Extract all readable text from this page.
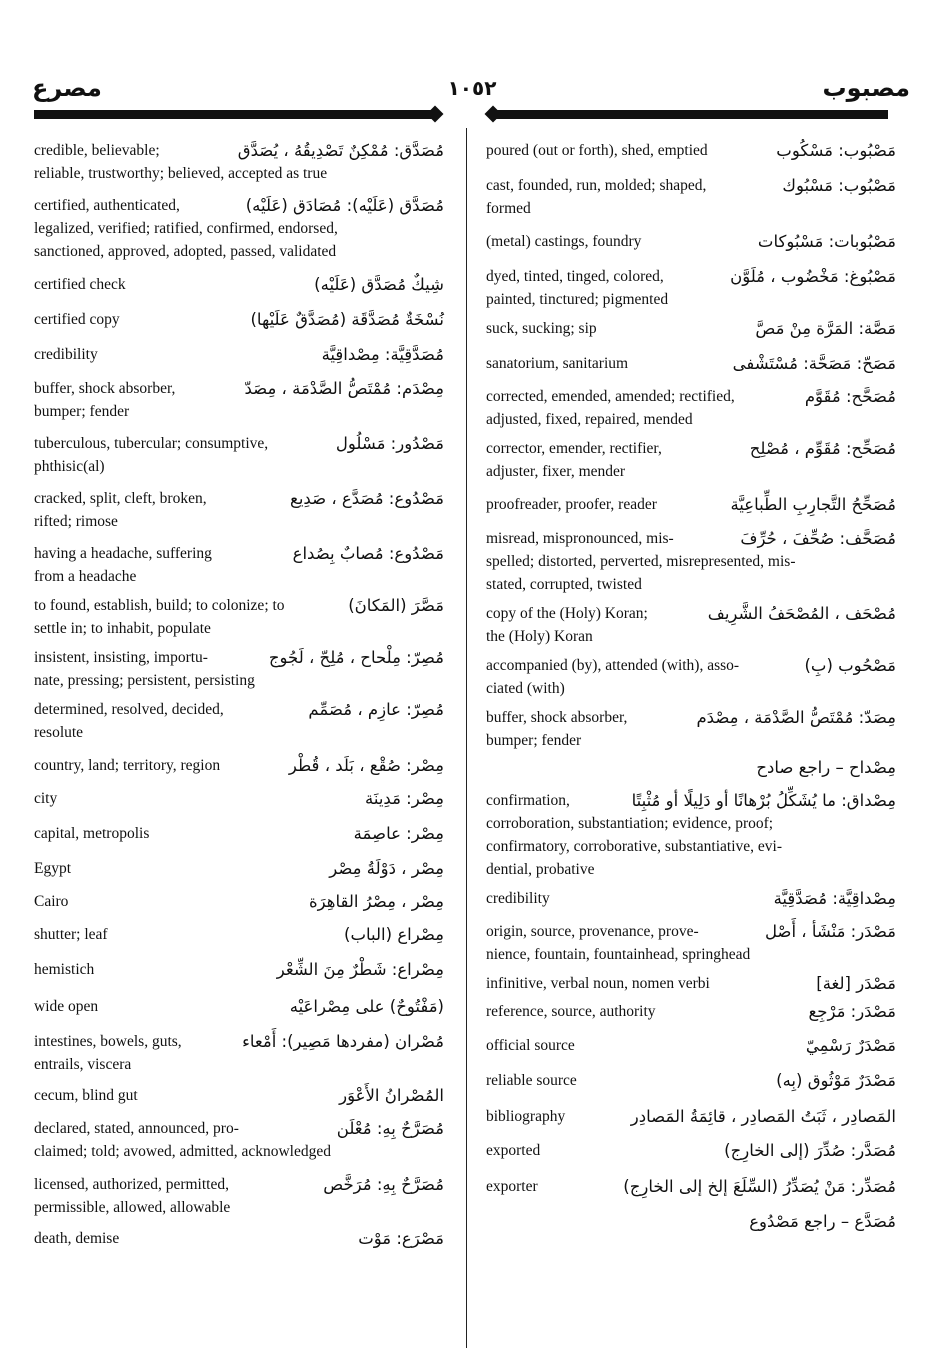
مصرع	١٠٥٢	مصبوب
credible, believable;	مُصَدَّق: مُمْكِنٌ تَصْدِيقُهُ ، يُصَدَّق
reliable, trustworthy; believed, accepted as true
certified, authenticated,	مُصَدَّق (عَلَيْه): مُصَادَق (عَلَيْه)
legalized, verified; ratified, confirmed, endorsed,
sanctioned, approved, adopted, passed, validated
certified check	شِيكٌ مُصَدَّق (عَلَيْه)
certified copy	نُسْخَةٌ مُصَدَّقَة (مُصَدَّقٌ عَلَيْها)
credibility	مُصَدَّقِيَّة: مِصْداقِيَّة
buffer, shock absorber,	مِصْدَم: مُمْتَصُّ الصَّدْمَة ، مِصَدّ
bumper; fender
tuberculous, tubercular; consumptive,	مَصْدُور: مَسْلُول
phthisic(al)
cracked, split, cleft, broken,	مَصْدُوع: مُصَدَّع ، صَدِيع
rifted; rimose
having a headache, suffering	مَصْدُوع: مُصابٌ بِصُداع
from a headache
to found, establish, build; to colonize; to	مَصَّرَ (المَكانَ)
settle in; to inhabit, populate
insistent, insisting, importu-	مُصِرّ: مِلْحاح ، مُلِحّ ، لَجُوج
nate, pressing; persistent, persisting
determined, resolved, decided,	مُصِرّ: عازِم ، مُصَمِّم
resolute
country, land; territory, region	مِصْر: صُقْع ، بَلَد ، قُطْر
city	مِصْر: مَدِينَة
capital, metropolis	مِصْر: عاصِمَة
Egypt	مِصْر ، دَوْلَةُ مِصْر
Cairo	مِصْر ، مِصْرُ القاهِرَة
shutter; leaf	مِصْراع (الباب)
hemistich	مِصْراع: شَطْرٌ مِنَ الشِّعْر
wide open	(مَفْتُوحٌ) على مِصْراعَيْه
intestines, bowels, guts,	مُصْران (مفردها مَصِير): أَمْعاء
entrails, viscera
cecum, blind gut	المُصْرانُ الأَعْوَر
declared, stated, announced, pro-	مُصَرَّحٌ بِهِ: مُعْلَن
claimed; told; avowed, admitted, acknowledged
licensed, authorized, permitted,	مُصَرَّحٌ بِهِ: مُرَخَّص
permissible, allowed, allowable
death, demise	مَصْرَع: مَوْت
poured (out or forth), shed, emptied	مَصْبُوب: مَسْكُوب
cast, founded, run, molded; shaped,	مَصْبُوب: مَسْبُوك
formed
(metal) castings, foundry	مَصْبُوبات: مَسْبُوكات
dyed, tinted, tinged, colored,	مَصْبُوغ: مَخْضُوب ، مُلَوَّن
painted, tinctured; pigmented
suck, sucking; sip	مَصَّة: المَرَّة مِنْ مَصَّ
sanatorium, sanitarium	مَصَحّ: مَصَحَّة: مُسْتَشْفى
corrected, emended, amended; rectified,	مُصَحَّح: مُقَوَّم
adjusted, fixed, repaired, mended
corrector, emender, rectifier,	مُصَحِّح: مُقَوِّم ، مُصْلِح
adjuster, fixer, mender
proofreader, proofer, reader	مُصَحِّحُ التَّجارِبِ الطِّباعِيَّة
misread, mispronounced, mis-	مُصَحَّف: صُحِّفَ ، حُرِّفَ
spelled; distorted, perverted, misrepresented, mis-
stated, corrupted, twisted
copy of the (Holy) Koran;	مُصْحَف ، المُصْحَفُ الشَّرِيف
the (Holy) Koran
accompanied (by), attended (with), asso-	مَصْحُوب (بِ)
ciated (with)
buffer, shock absorber,	مِصَدّ: مُمْتَصُّ الصَّدْمَة ، مِصْدَم
bumper; fender
مِصْداح – راجع صادح
confirmation,	مِصْداق: ما يُشَكِّلُ بُرْهانًا أو دَلِيلًا أو مُثْبِتًا
corroboration, substantiation; evidence, proof;
confirmatory, corroborative, substantiative, evi-
dential, probative
credibility	مِصْداقِيَّة: مُصَدَّقِيَّة
origin, source, provenance, prove-	مَصْدَر: مَنْشَأ ، أَصْل
nience, fountain, fountainhead, springhead
infinitive, verbal noun, nomen verbi	مَصْدَر [لغة]
reference, source, authority	مَصْدَر: مَرْجِع
official source	مَصْدَرٌ رَسْمِيّ
reliable source	مَصْدَرٌ مَوْثُوق (بِه)
bibliography	المَصادِر ، ثَبَتُ المَصادِر ، قائِمَةُ المَصادِر
exported	مُصَدَّر: صُدِّرَ (إلى الخارِج)
exporter	مُصَدِّر: مَنْ يُصَدِّرُ (السِّلَعَ إلخ إلى الخارِج)
مُصَدَّع – راجع مَصْدُوع
